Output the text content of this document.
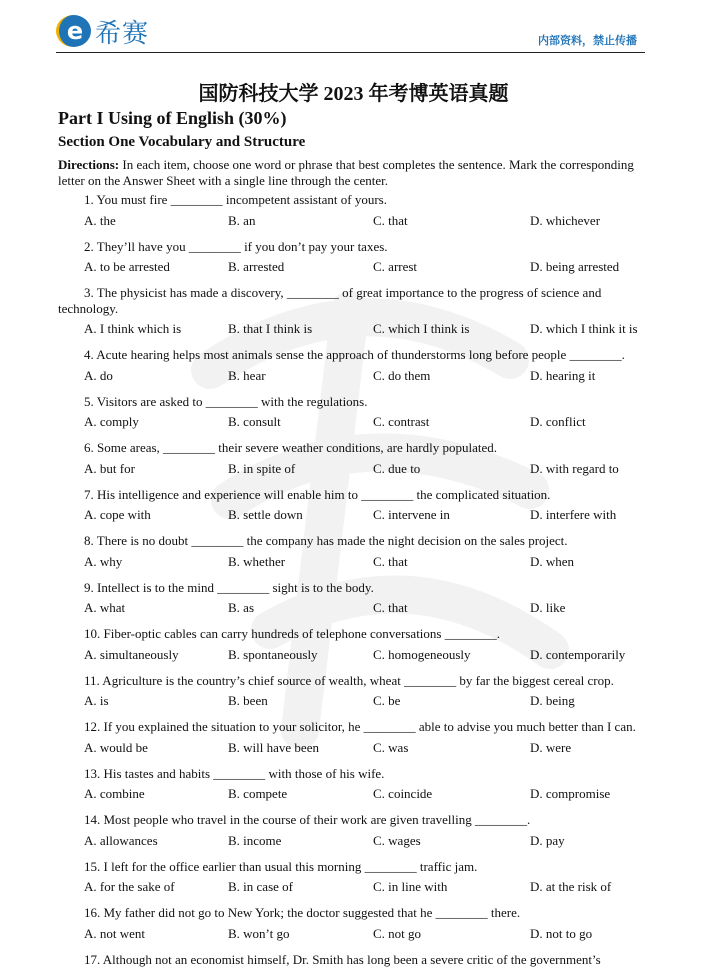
e 希赛	内部资料，禁止传播
国防科技大学 2023 年考博英语真题
Part I Using of English (30%)
Section One Vocabulary and Structure
Directions: In each item, choose one word or phrase that best completes the sentence. Mark the corresponding letter on the Answer Sheet with a single line through the center.

1. You must fire ________ incompetent assistant of yours.

A. the	B. an	C. that	D. whichever

2. They’ll have you ________ if you don’t pay your taxes.

A. to be arrested	B. arrested	C. arrest	D. being arrested

3. The physicist has made a discovery, ________ of great importance to the progress of science and technology.

A. I think which is	B. that I think is	C. which I think is	D. which I think it is

4. Acute hearing helps most animals sense the approach of thunderstorms long before people ________.

A. do	B. hear	C. do them	D. hearing it

5. Visitors are asked to ________ with the regulations.

A. comply	B. consult	C. contrast	D. conflict

6. Some areas, ________ their severe weather conditions, are hardly populated.

A. but for	B. in spite of	C. due to	D. with regard to

7. His intelligence and experience will enable him to ________ the complicated situation.

A. cope with	B. settle down	C. intervene in	D. interfere with

8. There is no doubt ________ the company has made the night decision on the sales project.

A. why	B. whether	C. that	D. when

9. Intellect is to the mind ________ sight is to the body.

A. what	B. as	C. that	D. like

10. Fiber-optic cables can carry hundreds of telephone conversations ________.

A. simultaneously	B. spontaneously	C. homogeneously	D. contemporarily

11. Agriculture is the country’s chief source of wealth, wheat ________ by far the biggest cereal crop.

A. is	B. been	C. be	D. being

12. If you explained the situation to your solicitor, he ________ able to advise you much better than I can.

A. would be	B. will have been	C. was	D. were

13. His tastes and habits ________ with those of his wife.

A. combine	B. compete	C. coincide	D. compromise

14. Most people who travel in the course of their work are given travelling ________.

A. allowances	B. income	C. wages	D. pay

15. I left for the office earlier than usual this morning ________ traffic jam.

A. for the sake of	B. in case of	C. in line with	D. at the risk of

16. My father did not go to New York; the doctor suggested that he ________ there.

A. not went	B. won’t go	C. not go	D. not to go

17. Although not an economist himself, Dr. Smith has long been a severe critic of the government’s
